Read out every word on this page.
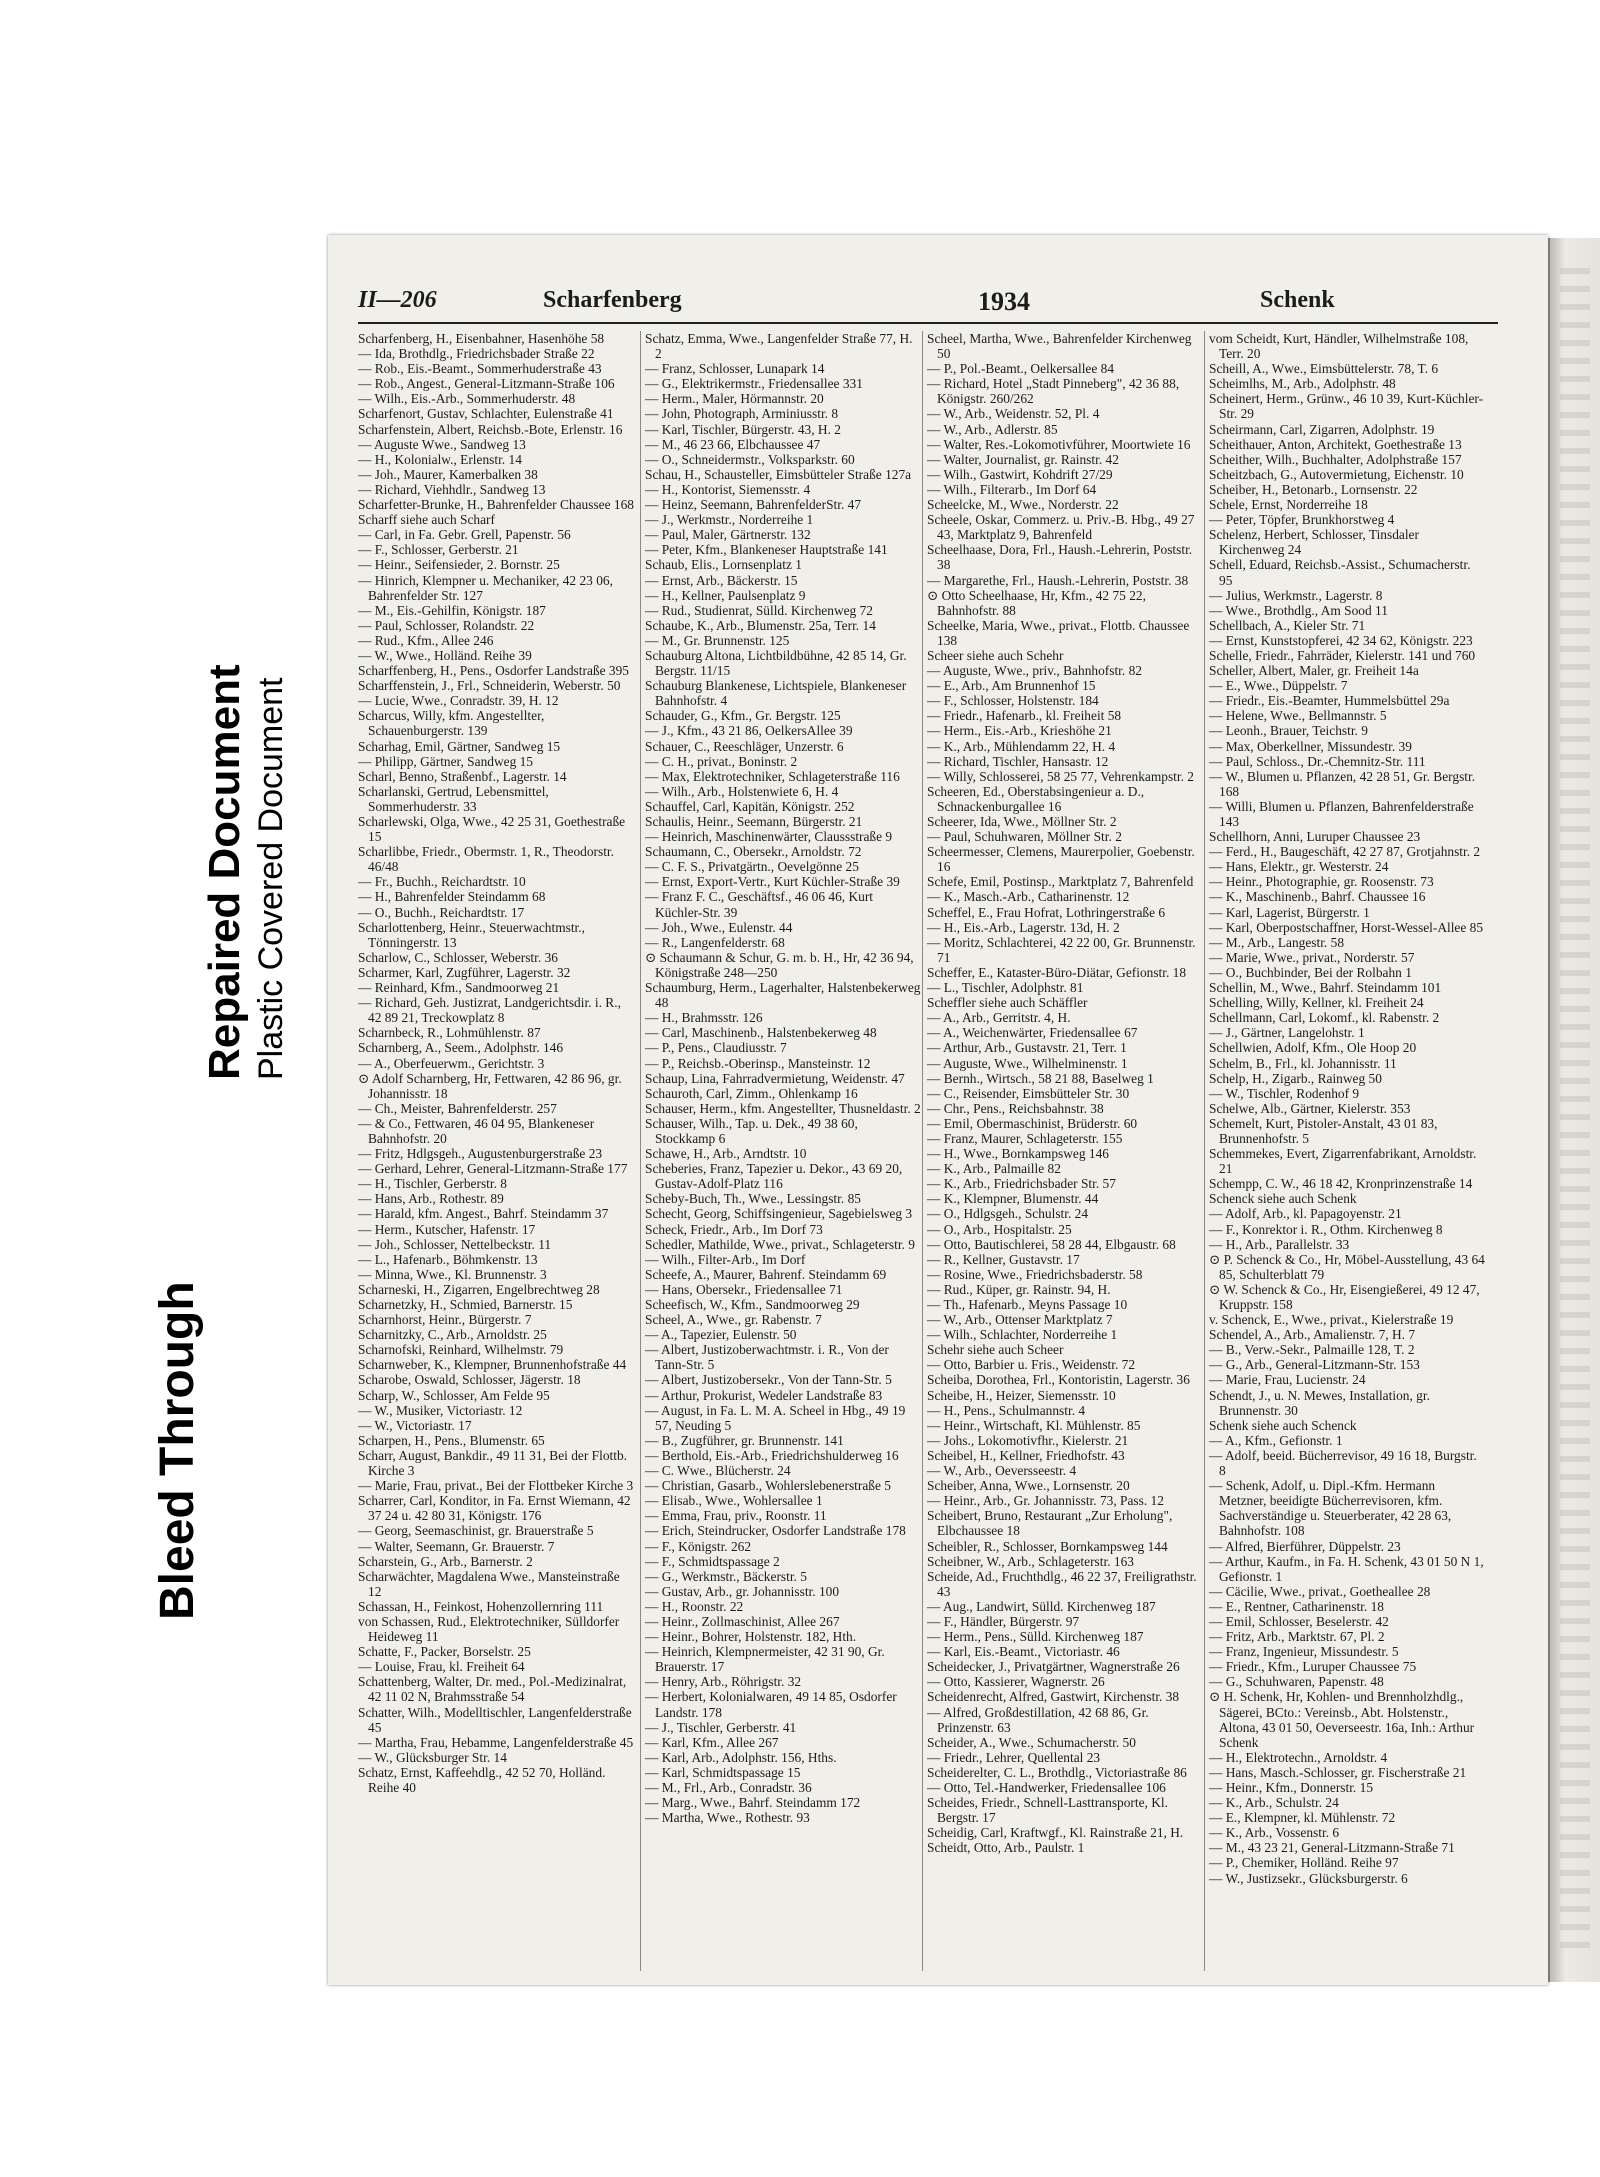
Bleed Through
Repaired Document Plastic Covered Document
II—206	Scharfenberg	1934	Schenk

Scharfenberg, H., Eisenbahner, Hasenhöhe 58

— Ida, Brothdlg., Friedrichsbader Straße 22

— Rob., Eis.-Beamt., Sommerhuderstraße 43

— Rob., Angest., General-Litzmann-Straße 106

— Wilh., Eis.-Arb., Sommerhuderstr. 48

Scharfenort, Gustav, Schlachter, Eulenstraße 41

Scharfenstein, Albert, Reichsb.-Bote, Erlenstr. 16

— Auguste Wwe., Sandweg 13

— H., Kolonialw., Erlenstr. 14

— Joh., Maurer, Kamerbalken 38

— Richard, Viehhdlr., Sandweg 13

Scharfetter-Brunke, H., Bahrenfelder Chaussee 168

Scharff siehe auch Scharf

— Carl, in Fa. Gebr. Grell, Papenstr. 56

— F., Schlosser, Gerberstr. 21

— Heinr., Seifensieder, 2. Bornstr. 25

— Hinrich, Klempner u. Mechaniker, 42 23 06, Bahrenfelder Str. 127

— M., Eis.-Gehilfin, Königstr. 187

— Paul, Schlosser, Rolandstr. 22

— Rud., Kfm., Allee 246

— W., Wwe., Holländ. Reihe 39

Scharffenberg, H., Pens., Osdorfer Landstraße 395

Scharffenstein, J., Frl., Schneiderin, Weberstr. 50

— Lucie, Wwe., Conradstr. 39, H. 12

Scharcus, Willy, kfm. Angestellter, Schauenburgerstr. 139

Scharhag, Emil, Gärtner, Sandweg 15

— Philipp, Gärtner, Sandweg 15

Scharl, Benno, Straßenbf., Lagerstr. 14

Scharlanski, Gertrud, Lebensmittel, Sommerhuderstr. 33

Scharlewski, Olga, Wwe., 42 25 31, Goethestraße 15

Scharlibbe, Friedr., Obermstr. 1, R., Theodorstr. 46/48

— Fr., Buchh., Reichardtstr. 10

— H., Bahrenfelder Steindamm 68

— O., Buchh., Reichardtstr. 17

Scharlottenberg, Heinr., Steuerwachtmstr., Tönningerstr. 13

Scharlow, C., Schlosser, Weberstr. 36

Scharmer, Karl, Zugführer, Lagerstr. 32

— Reinhard, Kfm., Sandmoorweg 21

— Richard, Geh. Justizrat, Landgerichtsdir. i. R., 42 89 21, Treckowplatz 8

Scharnbeck, R., Lohmühlenstr. 87

Scharnberg, A., Seem., Adolphstr. 146

— A., Oberfeuerwm., Gerichtstr. 3

⊙ Adolf Scharnberg, Hr, Fettwaren, 42 86 96, gr. Johannisstr. 18

— Ch., Meister, Bahrenfelderstr. 257

— & Co., Fettwaren, 46 04 95, Blankeneser Bahnhofstr. 20

— Fritz, Hdlgsgeh., Augustenburgerstraße 23

— Gerhard, Lehrer, General-Litzmann-Straße 177

— H., Tischler, Gerberstr. 8

— Hans, Arb., Rothestr. 89

— Harald, kfm. Angest., Bahrf. Steindamm 37

— Herm., Kutscher, Hafenstr. 17

— Joh., Schlosser, Nettelbeckstr. 11

— L., Hafenarb., Böhmkenstr. 13

— Minna, Wwe., Kl. Brunnenstr. 3

Scharneski, H., Zigarren, Engelbrechtweg 28

Scharnetzky, H., Schmied, Barnerstr. 15

Scharnhorst, Heinr., Bürgerstr. 7

Scharnitzky, C., Arb., Arnoldstr. 25

Scharnofski, Reinhard, Wilhelmstr. 79

Scharnweber, K., Klempner, Brunnenhofstraße 44

Scharobe, Oswald, Schlosser, Jägerstr. 18

Scharp, W., Schlosser, Am Felde 95

— W., Musiker, Victoriastr. 12

— W., Victoriastr. 17

Scharpen, H., Pens., Blumenstr. 65

Scharr, August, Bankdir., 49 11 31, Bei der Flottb. Kirche 3

— Marie, Frau, privat., Bei der Flottbeker Kirche 3

Scharrer, Carl, Konditor, in Fa. Ernst Wiemann, 42 37 24 u. 42 80 31, Königstr. 176

— Georg, Seemaschinist, gr. Brauerstraße 5

— Walter, Seemann, Gr. Brauerstr. 7

Scharstein, G., Arb., Barnerstr. 2

Scharwächter, Magdalena Wwe., Mansteinstraße 12

Schassan, H., Feinkost, Hohenzollernring 111

von Schassen, Rud., Elektrotechniker, Sülldorfer Heideweg 11

Schatte, F., Packer, Borselstr. 25

— Louise, Frau, kl. Freiheit 64

Schattenberg, Walter, Dr. med., Pol.-Medizinalrat, 42 11 02 N, Brahmsstraße 54

Schatter, Wilh., Modelltischler, Langenfelderstraße 45

— Martha, Frau, Hebamme, Langenfelderstraße 45

— W., Glücksburger Str. 14

Schatz, Ernst, Kaffeehdlg., 42 52 70, Holländ. Reihe 40

Schatz, Emma, Wwe., Langenfelder Straße 77, H. 2

— Franz, Schlosser, Lunapark 14

— G., Elektrikermstr., Friedensallee 331

— Herm., Maler, Hörmannstr. 20

— John, Photograph, Arminiusstr. 8

— Karl, Tischler, Bürgerstr. 43, H. 2

— M., 46 23 66, Elbchaussee 47

— O., Schneidermstr., Volksparkstr. 60

Schau, H., Schausteller, Eimsbütteler Straße 127a

— H., Kontorist, Siemensstr. 4

— Heinz, Seemann, BahrenfelderStr. 47

— J., Werkmstr., Norderreihe 1

— Paul, Maler, Gärtnerstr. 132

— Peter, Kfm., Blankeneser Hauptstraße 141

Schaub, Elis., Lornsenplatz 1

— Ernst, Arb., Bäckerstr. 15

— H., Kellner, Paulsenplatz 9

— Rud., Studienrat, Sülld. Kirchenweg 72

Schaube, K., Arb., Blumenstr. 25a, Terr. 14

— M., Gr. Brunnenstr. 125

Schauburg Altona, Lichtbildbühne, 42 85 14, Gr. Bergstr. 11/15

Schauburg Blankenese, Lichtspiele, Blankeneser Bahnhofstr. 4

Schauder, G., Kfm., Gr. Bergstr. 125

— J., Kfm., 43 21 86, OelkersAllee 39

Schauer, C., Reeschläger, Unzerstr. 6

— C. H., privat., Boninstr. 2

— Max, Elektrotechniker, Schlageterstraße 116

— Wilh., Arb., Holstenwiete 6, H. 4

Schauffel, Carl, Kapitän, Königstr. 252

Schaulis, Heinr., Seemann, Bürgerstr. 21

— Heinrich, Maschinenwärter, Claussstraße 9

Schaumann, C., Obersekr., Arnoldstr. 72

— C. F. S., Privatgärtn., Oevelgönne 25

— Ernst, Export-Vertr., Kurt Küchler-Straße 39

— Franz F. C., Geschäftsf., 46 06 46, Kurt Küchler-Str. 39

— Joh., Wwe., Eulenstr. 44

— R., Langenfelderstr. 68

⊙ Schaumann & Schur, G. m. b. H., Hr, 42 36 94, Königstraße 248—250

Schaumburg, Herm., Lagerhalter, Halstenbekerweg 48

— H., Brahmsstr. 126

— Carl, Maschinenb., Halstenbekerweg 48

— P., Pens., Claudiusstr. 7

— P., Reichsb.-Oberinsp., Mansteinstr. 12

Schaup, Lina, Fahrradvermietung, Weidenstr. 47

Schauroth, Carl, Zimm., Ohlenkamp 16

Schauser, Herm., kfm. Angestellter, Thusneldastr. 2

Schauser, Wilh., Tap. u. Dek., 49 38 60, Stockkamp 6

Schawe, H., Arb., Arndtstr. 10

Scheberies, Franz, Tapezier u. Dekor., 43 69 20, Gustav-Adolf-Platz 116

Scheby-Buch, Th., Wwe., Lessingstr. 85

Schecht, Georg, Schiffsingenieur, Sagebielsweg 3

Scheck, Friedr., Arb., Im Dorf 73

Schedler, Mathilde, Wwe., privat., Schlageterstr. 9

— Wilh., Filter-Arb., Im Dorf

Scheefe, A., Maurer, Bahrenf. Steindamm 69

— Hans, Obersekr., Friedensallee 71

Scheefisch, W., Kfm., Sandmoorweg 29

Scheel, A., Wwe., gr. Rabenstr. 7

— A., Tapezier, Eulenstr. 50

— Albert, Justizoberwachtmstr. i. R., Von der Tann-Str. 5

— Albert, Justizobersekr., Von der Tann-Str. 5

— Arthur, Prokurist, Wedeler Landstraße 83

— August, in Fa. L. M. A. Scheel in Hbg., 49 19 57, Neuding 5

— B., Zugführer, gr. Brunnenstr. 141

— Berthold, Eis.-Arb., Friedrichshulderweg 16

— C. Wwe., Blücherstr. 24

— Christian, Gasarb., Wohlerslebenerstraße 5

— Elisab., Wwe., Wohlersallee 1

— Emma, Frau, priv., Roonstr. 11

— Erich, Steindrucker, Osdorfer Landstraße 178

— F., Königstr. 262

— F., Schmidtspassage 2

— G., Werkmstr., Bäckerstr. 5

— Gustav, Arb., gr. Johannisstr. 100

— H., Roonstr. 22

— Heinr., Zollmaschinist, Allee 267

— Heinr., Bohrer, Holstenstr. 182, Hth.

— Heinrich, Klempnermeister, 42 31 90, Gr. Brauerstr. 17

— Henry, Arb., Röhrigstr. 32

— Herbert, Kolonialwaren, 49 14 85, Osdorfer Landstr. 178

— J., Tischler, Gerberstr. 41

— Karl, Kfm., Allee 267

— Karl, Arb., Adolphstr. 156, Hths.

— Karl, Schmidtspassage 15

— M., Frl., Arb., Conradstr. 36

— Marg., Wwe., Bahrf. Steindamm 172

— Martha, Wwe., Rothestr. 93

Scheel, Martha, Wwe., Bahrenfelder Kirchenweg 50

— P., Pol.-Beamt., Oelkersallee 84

— Richard, Hotel „Stadt Pinneberg", 42 36 88, Königstr. 260/262

— W., Arb., Weidenstr. 52, Pl. 4

— W., Arb., Adlerstr. 85

— Walter, Res.-Lokomotivführer, Moortwiete 16

— Walter, Journalist, gr. Rainstr. 42

— Wilh., Gastwirt, Kohdrift 27/29

— Wilh., Filterarb., Im Dorf 64

Scheelcke, M., Wwe., Norderstr. 22

Scheele, Oskar, Commerz. u. Priv.-B. Hbg., 49 27 43, Marktplatz 9, Bahrenfeld

Scheelhaase, Dora, Frl., Haush.-Lehrerin, Poststr. 38

— Margarethe, Frl., Haush.-Lehrerin, Poststr. 38

⊙ Otto Scheelhaase, Hr, Kfm., 42 75 22, Bahnhofstr. 88

Scheelke, Maria, Wwe., privat., Flottb. Chaussee 138

Scheer siehe auch Schehr

— Auguste, Wwe., priv., Bahnhofstr. 82

— E., Arb., Am Brunnenhof 15

— F., Schlosser, Holstenstr. 184

— Friedr., Hafenarb., kl. Freiheit 58

— Herm., Eis.-Arb., Krieshöhe 21

— K., Arb., Mühlendamm 22, H. 4

— Richard, Tischler, Hansastr. 12

— Willy, Schlosserei, 58 25 77, Vehrenkampstr. 2

Scheeren, Ed., Oberstabsingenieur a. D., Schnackenburgallee 16

Scheerer, Ida, Wwe., Möllner Str. 2

— Paul, Schuhwaren, Möllner Str. 2

Scheermesser, Clemens, Maurerpolier, Goebenstr. 16

Schefe, Emil, Postinsp., Marktplatz 7, Bahrenfeld

— K., Masch.-Arb., Catharinenstr. 12

Scheffel, E., Frau Hofrat, Lothringerstraße 6

— H., Eis.-Arb., Lagerstr. 13d, H. 2

— Moritz, Schlachterei, 42 22 00, Gr. Brunnenstr. 71

Scheffer, E., Kataster-Büro-Diätar, Gefionstr. 18

— L., Tischler, Adolphstr. 81

Scheffler siehe auch Schäffler

— A., Arb., Gerritstr. 4, H.

— A., Weichenwärter, Friedensallee 67

— Arthur, Arb., Gustavstr. 21, Terr. 1

— Auguste, Wwe., Wilhelminenstr. 1

— Bernh., Wirtsch., 58 21 88, Baselweg 1

— C., Reisender, Eimsbütteler Str. 30

— Chr., Pens., Reichsbahnstr. 38

— Emil, Obermaschinist, Brüderstr. 60

— Franz, Maurer, Schlageterstr. 155

— H., Wwe., Bornkampsweg 146

— K., Arb., Palmaille 82

— K., Arb., Friedrichsbader Str. 57

— K., Klempner, Blumenstr. 44

— O., Hdlgsgeh., Schulstr. 24

— O., Arb., Hospitalstr. 25

— Otto, Bautischlerei, 58 28 44, Elbgaustr. 68

— R., Kellner, Gustavstr. 17

— Rosine, Wwe., Friedrichsbaderstr. 58

— Rud., Küper, gr. Rainstr. 94, H.

— Th., Hafenarb., Meyns Passage 10

— W., Arb., Ottenser Marktplatz 7

— Wilh., Schlachter, Norderreihe 1

Schehr siehe auch Scheer

— Otto, Barbier u. Fris., Weidenstr. 72

Scheiba, Dorothea, Frl., Kontoristin, Lagerstr. 36

Scheibe, H., Heizer, Siemensstr. 10

— H., Pens., Schulmannstr. 4

— Heinr., Wirtschaft, Kl. Mühlenstr. 85

— Johs., Lokomotivfhr., Kielerstr. 21

Scheibel, H., Kellner, Friedhofstr. 43

— W., Arb., Oeversseestr. 4

Scheiber, Anna, Wwe., Lornsenstr. 20

— Heinr., Arb., Gr. Johannisstr. 73, Pass. 12

Scheibert, Bruno, Restaurant „Zur Erholung", Elbchaussee 18

Scheibler, R., Schlosser, Bornkampsweg 144

Scheibner, W., Arb., Schlageterstr. 163

Scheide, Ad., Fruchthdlg., 46 22 37, Freiligrathstr. 43

— Aug., Landwirt, Sülld. Kirchenweg 187

— F., Händler, Bürgerstr. 97

— Herm., Pens., Sülld. Kirchenweg 187

— Karl, Eis.-Beamt., Victoriastr. 46

Scheidecker, J., Privatgärtner, Wagnerstraße 26

— Otto, Kassierer, Wagnerstr. 26

Scheidenrecht, Alfred, Gastwirt, Kirchenstr. 38

— Alfred, Großdestillation, 42 68 86, Gr. Prinzenstr. 63

Scheider, A., Wwe., Schumacherstr. 50

— Friedr., Lehrer, Quellental 23

Scheiderelter, C. L., Brothdlg., Victoriastraße 86

— Otto, Tel.-Handwerker, Friedensallee 106

Scheides, Friedr., Schnell-Lasttransporte, Kl. Bergstr. 17

Scheidig, Carl, Kraftwgf., Kl. Rainstraße 21, H.

Scheidt, Otto, Arb., Paulstr. 1

vom Scheidt, Kurt, Händler, Wilhelmstraße 108, Terr. 20

Scheill, A., Wwe., Eimsbüttelerstr. 78, T. 6

Scheimlhs, M., Arb., Adolphstr. 48

Scheinert, Herm., Grünw., 46 10 39, Kurt-Küchler-Str. 29

Scheirmann, Carl, Zigarren, Adolphstr. 19

Scheithauer, Anton, Architekt, Goethestraße 13

Scheither, Wilh., Buchhalter, Adolphstraße 157

Scheitzbach, G., Autovermietung, Eichenstr. 10

Scheiber, H., Betonarb., Lornsenstr. 22

Schele, Ernst, Norderreihe 18

— Peter, Töpfer, Brunkhorstweg 4

Schelenz, Herbert, Schlosser, Tinsdaler Kirchenweg 24

Schell, Eduard, Reichsb.-Assist., Schumacherstr. 95

— Julius, Werkmstr., Lagerstr. 8

— Wwe., Brothdlg., Am Sood 11

Schellbach, A., Kieler Str. 71

— Ernst, Kunststopferei, 42 34 62, Königstr. 223

Schelle, Friedr., Fahrräder, Kielerstr. 141 und 760

Scheller, Albert, Maler, gr. Freiheit 14a

— E., Wwe., Düppelstr. 7

— Friedr., Eis.-Beamter, Hummelsbüttel 29a

— Helene, Wwe., Bellmannstr. 5

— Leonh., Brauer, Teichstr. 9

— Max, Oberkellner, Missundestr. 39

— Paul, Schloss., Dr.-Chemnitz-Str. 111

— W., Blumen u. Pflanzen, 42 28 51, Gr. Bergstr. 168

— Willi, Blumen u. Pflanzen, Bahrenfelderstraße 143

Schellhorn, Anni, Luruper Chaussee 23

— Ferd., H., Baugeschäft, 42 27 87, Grotjahnstr. 2

— Hans, Elektr., gr. Westerstr. 24

— Heinr., Photographie, gr. Roosenstr. 73

— K., Maschinenb., Bahrf. Chaussee 16

— Karl, Lagerist, Bürgerstr. 1

— Karl, Oberpostschaffner, Horst-Wessel-Allee 85

— M., Arb., Langestr. 58

— Marie, Wwe., privat., Norderstr. 57

— O., Buchbinder, Bei der Rolbahn 1

Schellin, M., Wwe., Bahrf. Steindamm 101

Schelling, Willy, Kellner, kl. Freiheit 24

Schellmann, Carl, Lokomf., kl. Rabenstr. 2

— J., Gärtner, Langelohstr. 1

Schellwien, Adolf, Kfm., Ole Hoop 20

Schelm, B., Frl., kl. Johannisstr. 11

Schelp, H., Zigarb., Rainweg 50

— W., Tischler, Rodenhof 9

Schelwe, Alb., Gärtner, Kielerstr. 353

Schemelt, Kurt, Pistoler-Anstalt, 43 01 83, Brunnenhofstr. 5

Schemmekes, Evert, Zigarrenfabrikant, Arnoldstr. 21

Schempp, C. W., 46 18 42, Kronprinzenstraße 14

Schenck siehe auch Schenk

— Adolf, Arb., kl. Papagoyenstr. 21

— F., Konrektor i. R., Othm. Kirchenweg 8

— H., Arb., Parallelstr. 33

⊙ P. Schenck & Co., Hr, Möbel-Ausstellung, 43 64 85, Schulterblatt 79

⊙ W. Schenck & Co., Hr, Eisengießerei, 49 12 47, Kruppstr. 158

v. Schenck, E., Wwe., privat., Kielerstraße 19

Schendel, A., Arb., Amalienstr. 7, H. 7

— B., Verw.-Sekr., Palmaille 128, T. 2

— G., Arb., General-Litzmann-Str. 153

— Marie, Frau, Lucienstr. 24

Schendt, J., u. N. Mewes, Installation, gr. Brunnenstr. 30

Schenk siehe auch Schenck

— A., Kfm., Gefionstr. 1

— Adolf, beeid. Bücherrevisor, 49 16 18, Burgstr. 8

— Schenk, Adolf, u. Dipl.-Kfm. Hermann Metzner, beeidigte Bücherrevisoren, kfm. Sachverständige u. Steuerberater, 42 28 63, Bahnhofstr. 108

— Alfred, Bierführer, Düppelstr. 23

— Arthur, Kaufm., in Fa. H. Schenk, 43 01 50 N 1, Gefionstr. 1

— Cäcilie, Wwe., privat., Goetheallee 28

— E., Rentner, Catharinenstr. 18

— Emil, Schlosser, Beselerstr. 42

— Fritz, Arb., Marktstr. 67, Pl. 2

— Franz, Ingenieur, Missundestr. 5

— Friedr., Kfm., Luruper Chaussee 75

— G., Schuhwaren, Papenstr. 48

⊙ H. Schenk, Hr, Kohlen- und Brennholzhdlg., Sägerei, BCto.: Vereinsb., Abt. Holstenstr., Altona, 43 01 50, Oeverseestr. 16a, Inh.: Arthur Schenk

— H., Elektrotechn., Arnoldstr. 4

— Hans, Masch.-Schlosser, gr. Fischerstraße 21

— Heinr., Kfm., Donnerstr. 15

— K., Arb., Schulstr. 24

— E., Klempner, kl. Mühlenstr. 72

— K., Arb., Vossenstr. 6

— M., 43 23 21, General-Litzmann-Straße 71

— P., Chemiker, Holländ. Reihe 97

— W., Justizsekr., Glücksburgerstr. 6
